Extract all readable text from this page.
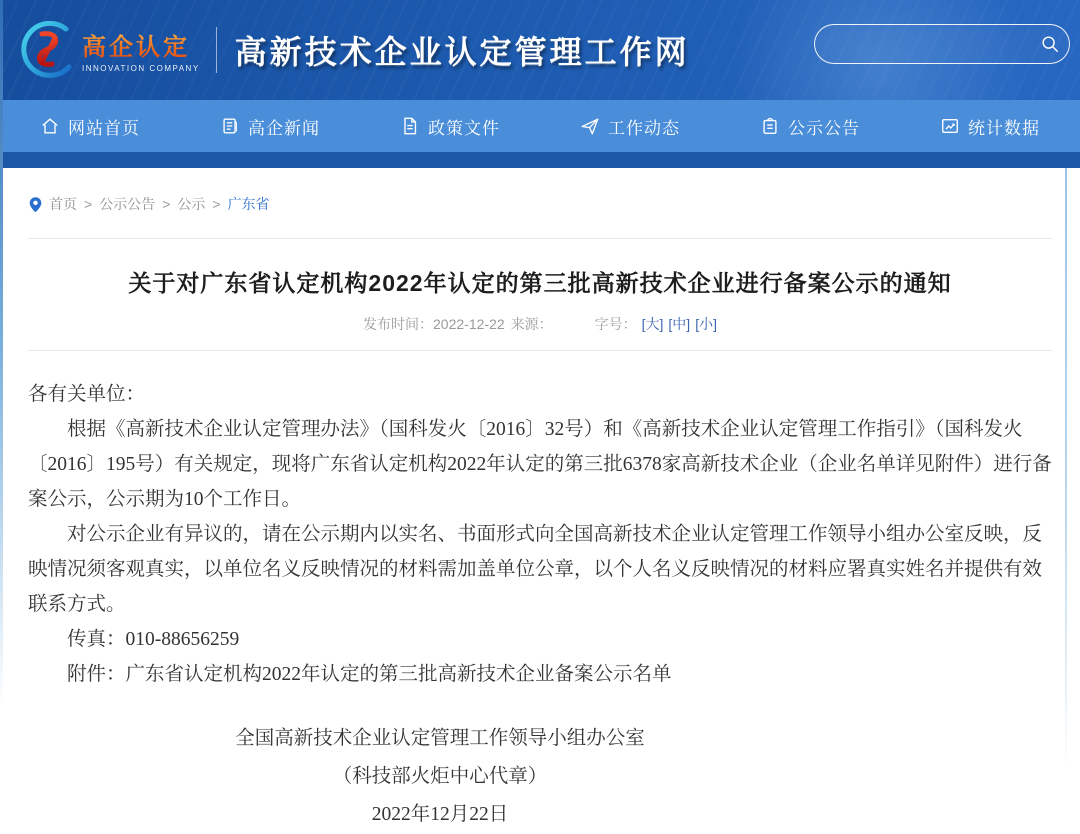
高企认定
INNOVATION COMPANY 高新技术企业认定管理工作网
网站首页	高企新闻	政策文件	工作动态	公示公告	统计数据
首页 > 公示公告 > 公示 > 广东省
关于对广东省认定机构2022年认定的第三批高新技术企业进行备案公示的通知
发布时间：2022-12-22 来源：	字号： [大] [中] [小]

各有关单位：

根据《高新技术企业认定管理办法》（国科发火〔2016〕32号）和《高新技术企业认定管理工作指引》（国科发火〔2016〕195号）有关规定，现将广东省认定机构2022年认定的第三批6378家高新技术企业（企业名单详见附件）进行备案公示，公示期为10个工作日。

对公示企业有异议的，请在公示期内以实名、书面形式向全国高新技术企业认定管理工作领导小组办公室反映，反映情况须客观真实，以单位名义反映情况的材料需加盖单位公章，以个人名义反映情况的材料应署真实姓名并提供有效联系方式。

传真：010-88656259

附件：广东省认定机构2022年认定的第三批高新技术企业备案公示名单

全国高新技术企业认定管理工作领导小组办公室

（科技部火炬中心代章）

2022年12月22日
